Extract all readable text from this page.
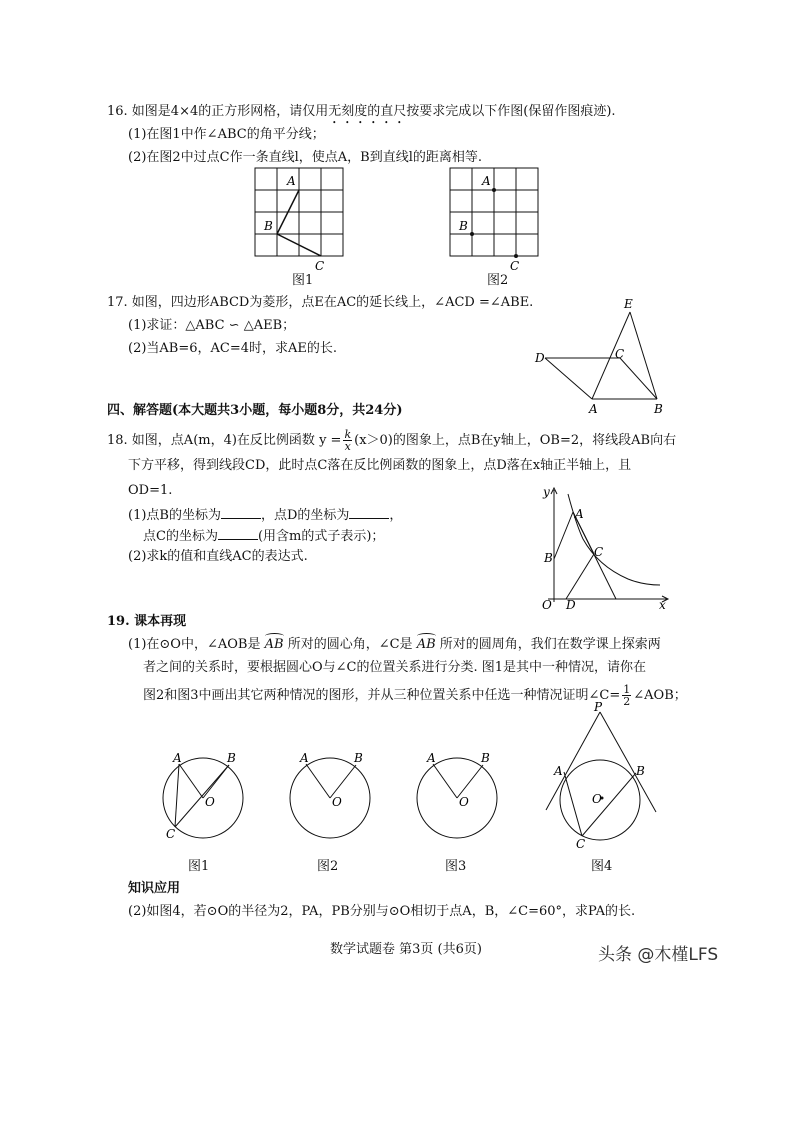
16. 如图是4×4的正方形网格，请仅用无刻度的直尺按要求完成以下作图(保留作图痕迹).
(1)在图1中作∠ABC的角平分线；
(2)在图2中过点C作一条直线l，使点A，B到直线l的距离相等.
A
B
C
图1
A
B
C
图2
17. 如图，四边形ABCD为菱形，点E在AC的延长线上，∠ACD =∠ABE.
(1)求证：△ABC ∽ △AEB；
(2)当AB=6，AC=4时，求AE的长.
E
D	C
A	B
四、解答题(本大题共3小题，每小题8分，共24分)
18. 如图，点A(m，4)在反比例函数 $y = \frac{k}{x} (x>0)$的图象上，点B在y轴上，OB=2，将线段AB向右
下方平移，得到线段CD，此时点C落在反比例函数的图象上，点D落在x轴正半轴上，且
OD=1.
(1)点B的坐标为	，点D的坐标为	，
点C的坐标为	(用含m的式子表示)；
(2)求k的值和直线AC的表达式.
y
x
O
A
B	C
D
19. 课本再现
(1)在⊙O中，∠AOB是 AB 所对的圆心角，∠C是 AB 所对的圆周角，我们在数学课上探索两
者之间的关系时，要根据圆心O与∠C的位置关系进行分类. 图1是其中一种情况，请你在
图2和图3中画出其它两种情况的图形，并从三种位置关系中任选一种情况证明∠C= $\frac{1}{2}$ ∠AOB；
A	B
O
C
A	B
O
A	B
O
P
A	B
O
C
图1	图2	图3	图4
知识应用
(2)如图4，若⊙O的半径为2，PA，PB分别与⊙O相切于点A，B，∠C=60°，求PA的长.
数学试题卷 第3页 (共6页)	头条 @木槿LFS
